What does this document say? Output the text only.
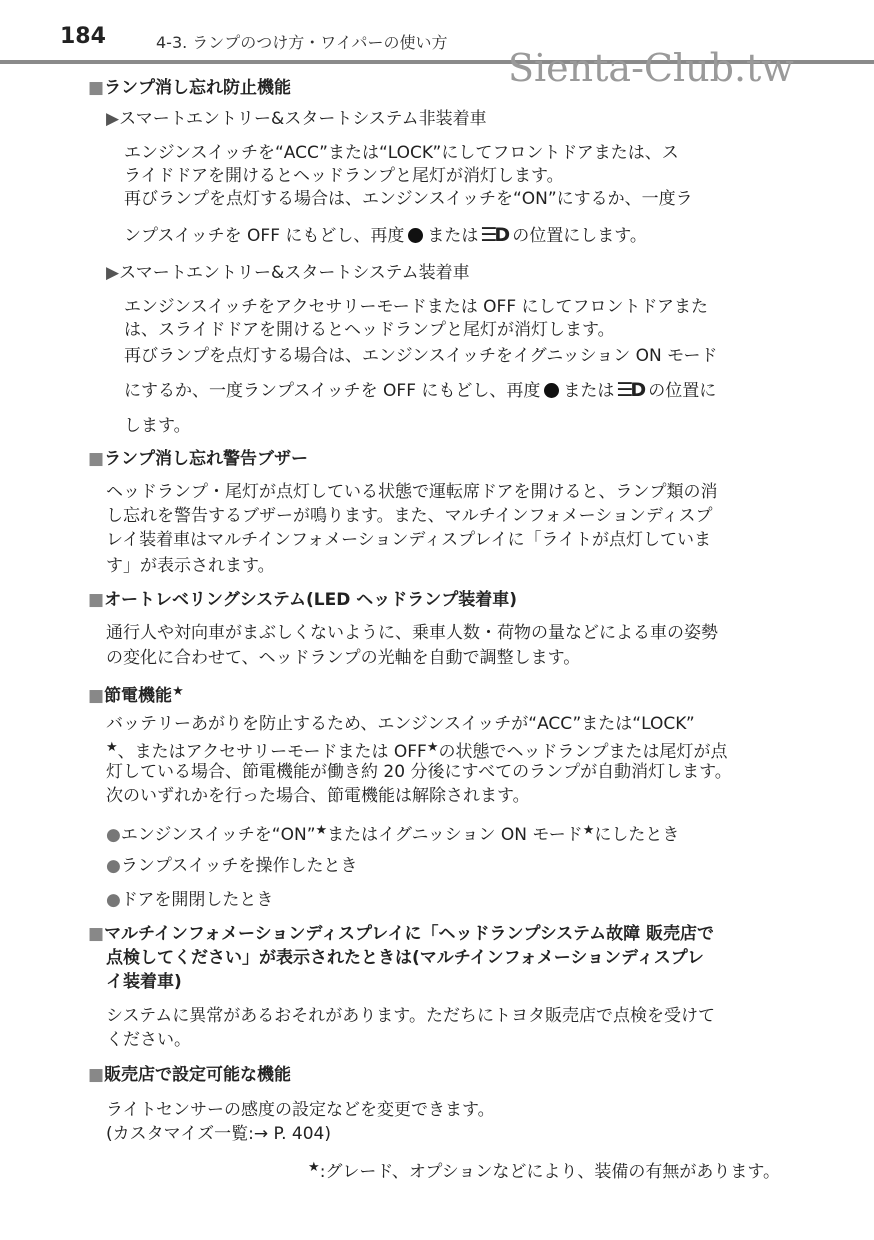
184	4-3. ランプのつけ方・ワイパーの使い方
Sienta-Club.tw
■ランプ消し忘れ防止機能
▶スマートエントリー&スタートシステム非装着車
エンジンスイッチを“ACC”または“LOCK”にしてフロントドアまたは、ス
ライドドアを開けるとヘッドランプと尾灯が消灯します。
再びランプを点灯する場合は、エンジンスイッチを“ON”にするか、一度ラ
ンプスイッチを OFF にもどし、再度 または ☰D の位置にします。
▶スマートエントリー&スタートシステム装着車
エンジンスイッチをアクセサリーモードまたは OFF にしてフロントドアまた
は、スライドドアを開けるとヘッドランプと尾灯が消灯します。
再びランプを点灯する場合は、エンジンスイッチをイグニッション ON モード
にするか、一度ランプスイッチを OFF にもどし、再度 または ☰D の位置に
します。
■ランプ消し忘れ警告ブザー
ヘッドランプ・尾灯が点灯している状態で運転席ドアを開けると、ランプ類の消
し忘れを警告するブザーが鳴ります。また、マルチインフォメーションディスプ
レイ装着車はマルチインフォメーションディスプレイに「ライトが点灯していま
す」が表示されます。
■オートレベリングシステム(LED ヘッドランプ装着車)
通行人や対向車がまぶしくないように、乗車人数・荷物の量などによる車の姿勢
の変化に合わせて、ヘッドランプの光軸を自動で調整します。
■節電機能★
バッテリーあがりを防止するため、エンジンスイッチが“ACC”または“LOCK”
★、またはアクセサリーモードまたは OFF★の状態でヘッドランプまたは尾灯が点
灯している場合、節電機能が働き約 20 分後にすべてのランプが自動消灯します。
次のいずれかを行った場合、節電機能は解除されます。
●エンジンスイッチを“ON”★またはイグニッション ON モード★にしたとき
●ランプスイッチを操作したとき
●ドアを開閉したとき
■マルチインフォメーションディスプレイに「ヘッドランプシステム故障 販売店で
点検してください」が表示されたときは(マルチインフォメーションディスプレ
イ装着車)
システムに異常があるおそれがあります。ただちにトヨタ販売店で点検を受けて
ください。
■販売店で設定可能な機能
ライトセンサーの感度の設定などを変更できます。
(カスタマイズ一覧:→ P. 404)
★:グレード、オプションなどにより、装備の有無があります。
